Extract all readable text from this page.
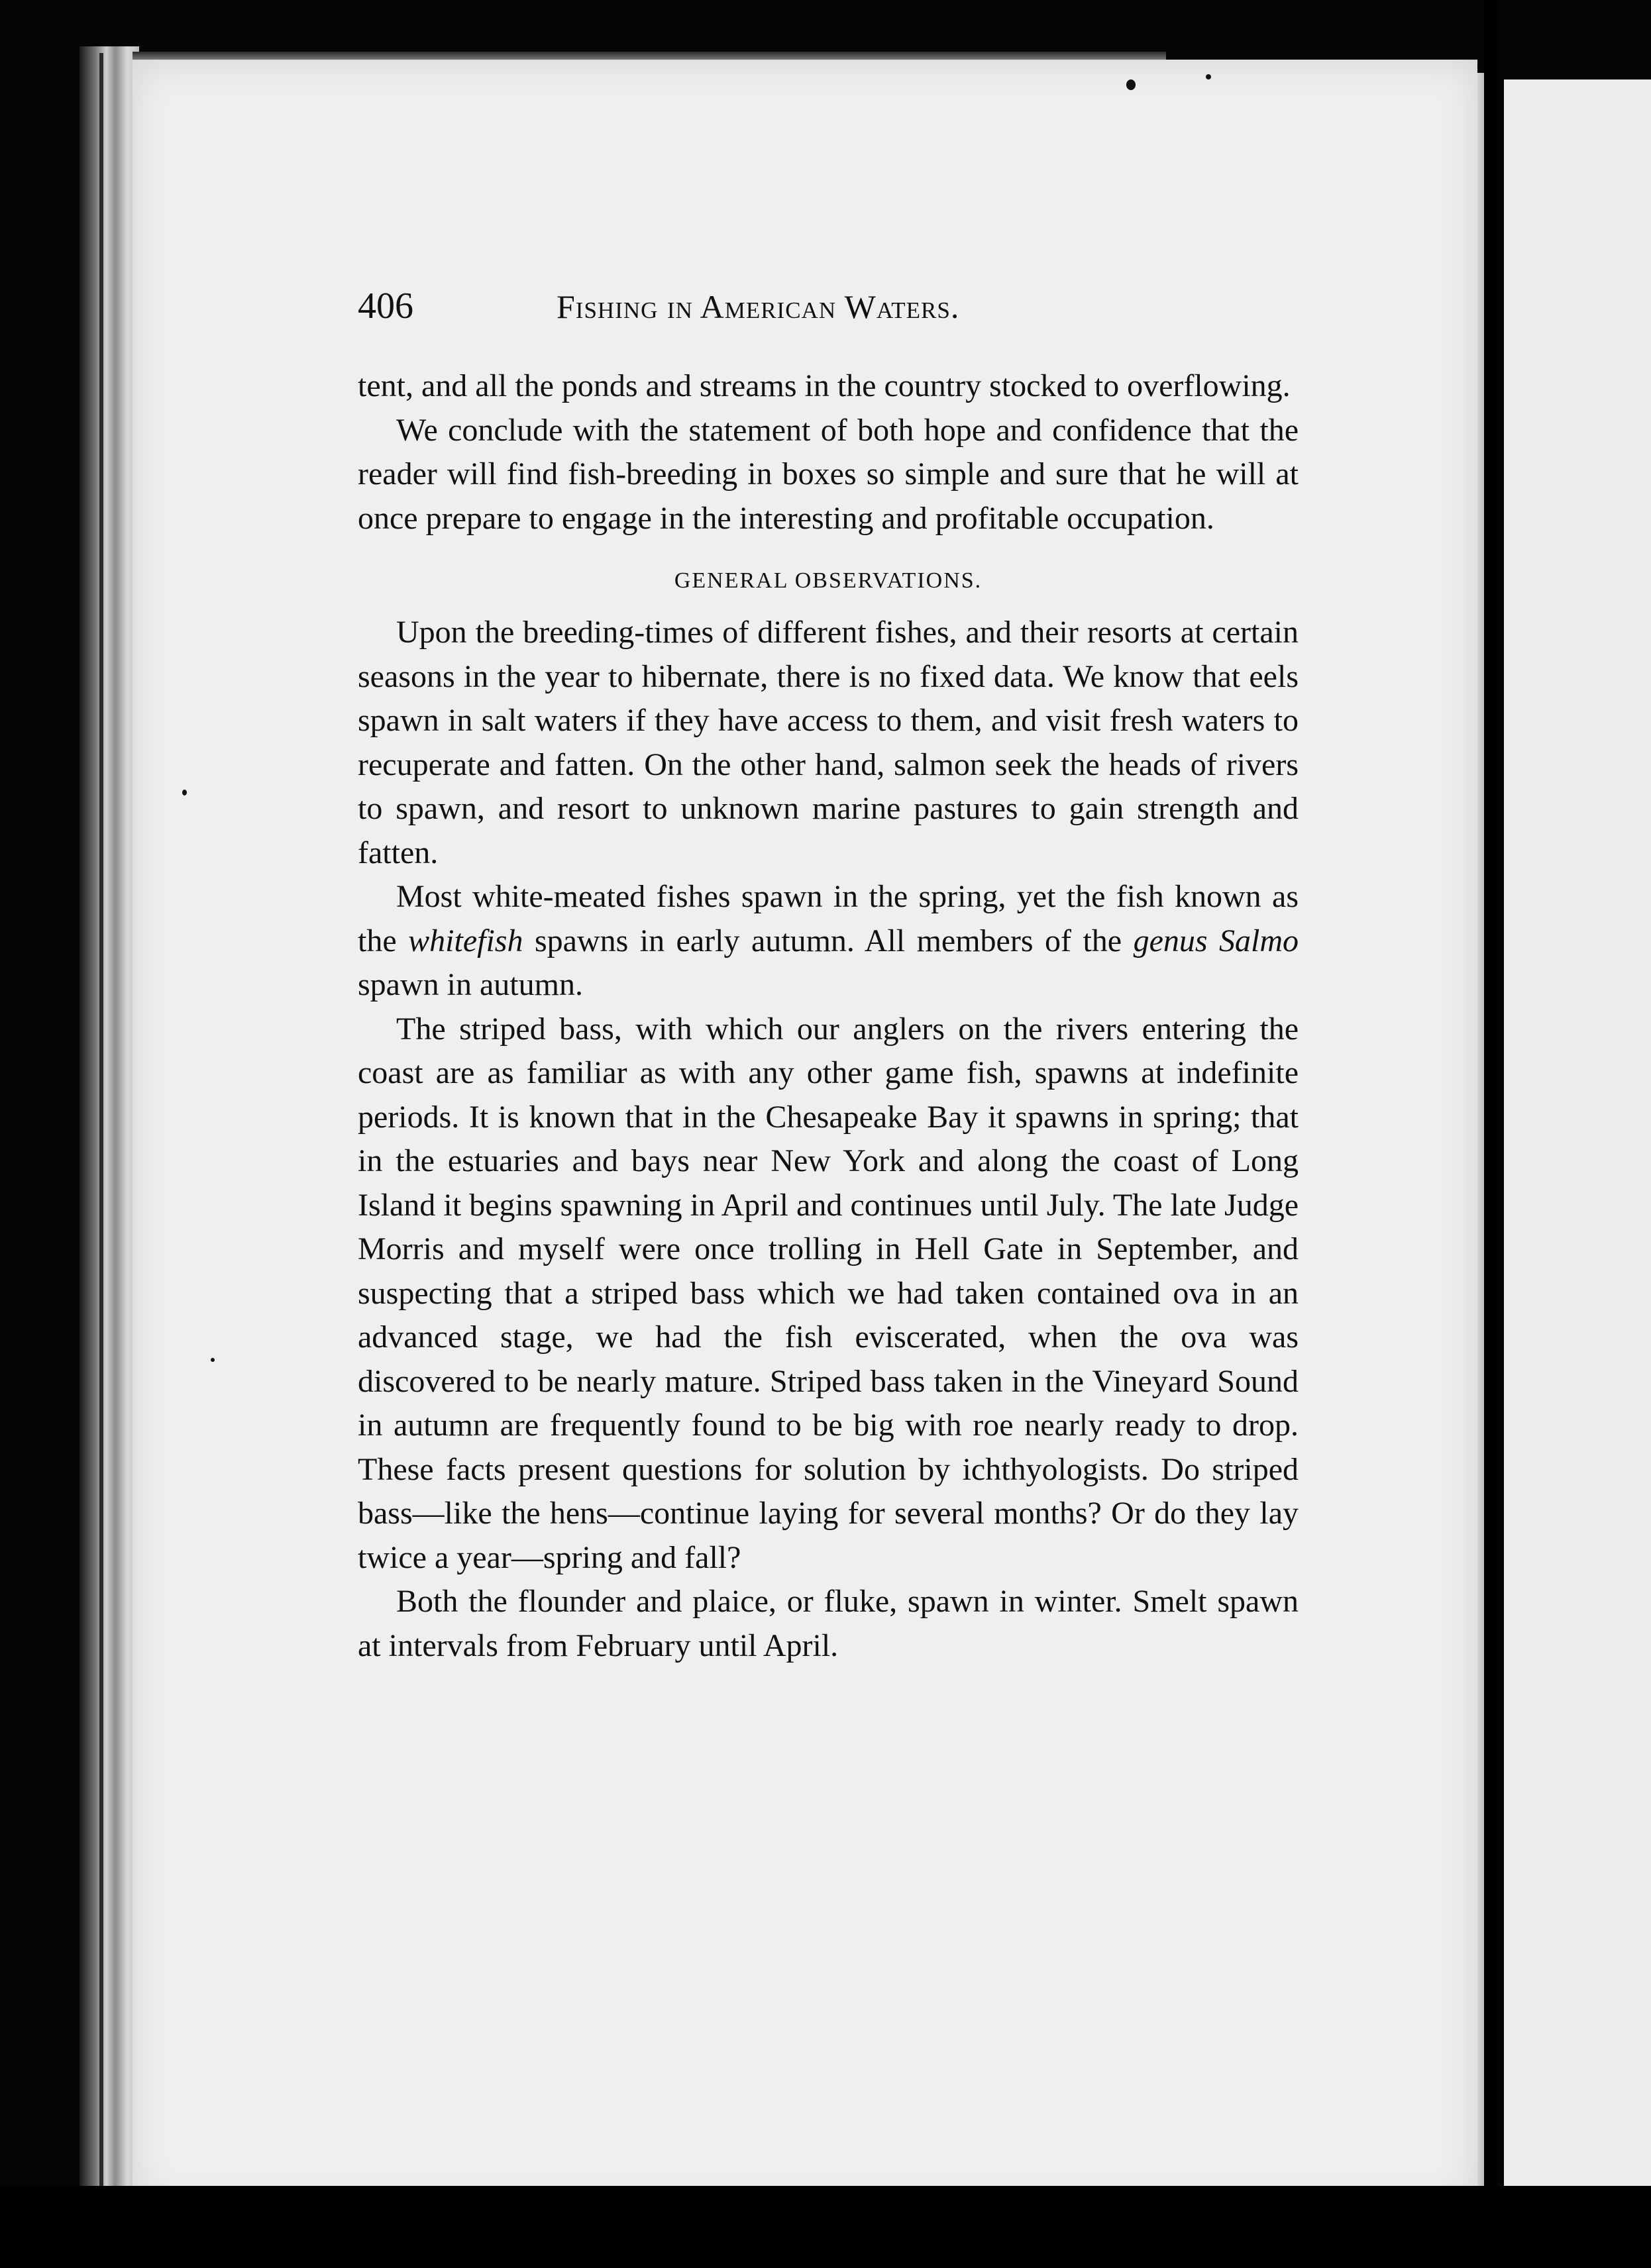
406	Fishing in American Waters.

tent, and all the ponds and streams in the country stocked to overflowing.

We conclude with the statement of both hope and confidence that the reader will find fish-breeding in boxes so simple and sure that he will at once prepare to engage in the interesting and profitable occupation.

GENERAL OBSERVATIONS.

Upon the breeding-times of different fishes, and their resorts at certain seasons in the year to hibernate, there is no fixed data. We know that eels spawn in salt waters if they have access to them, and visit fresh waters to recuperate and fatten. On the other hand, salmon seek the heads of rivers to spawn, and resort to unknown marine pastures to gain strength and fatten.

Most white-meated fishes spawn in the spring, yet the fish known as the whitefish spawns in early autumn. All members of the genus Salmo spawn in autumn.

The striped bass, with which our anglers on the rivers entering the coast are as familiar as with any other game fish, spawns at indefinite periods. It is known that in the Chesapeake Bay it spawns in spring; that in the estuaries and bays near New York and along the coast of Long Island it begins spawning in April and continues until July. The late Judge Morris and myself were once trolling in Hell Gate in September, and suspecting that a striped bass which we had taken contained ova in an advanced stage, we had the fish eviscerated, when the ova was discovered to be nearly mature. Striped bass taken in the Vineyard Sound in autumn are frequently found to be big with roe nearly ready to drop. These facts present questions for solution by ichthyologists. Do striped bass—like the hens—continue laying for several months? Or do they lay twice a year—spring and fall?

Both the flounder and plaice, or fluke, spawn in winter. Smelt spawn at intervals from February until April.
